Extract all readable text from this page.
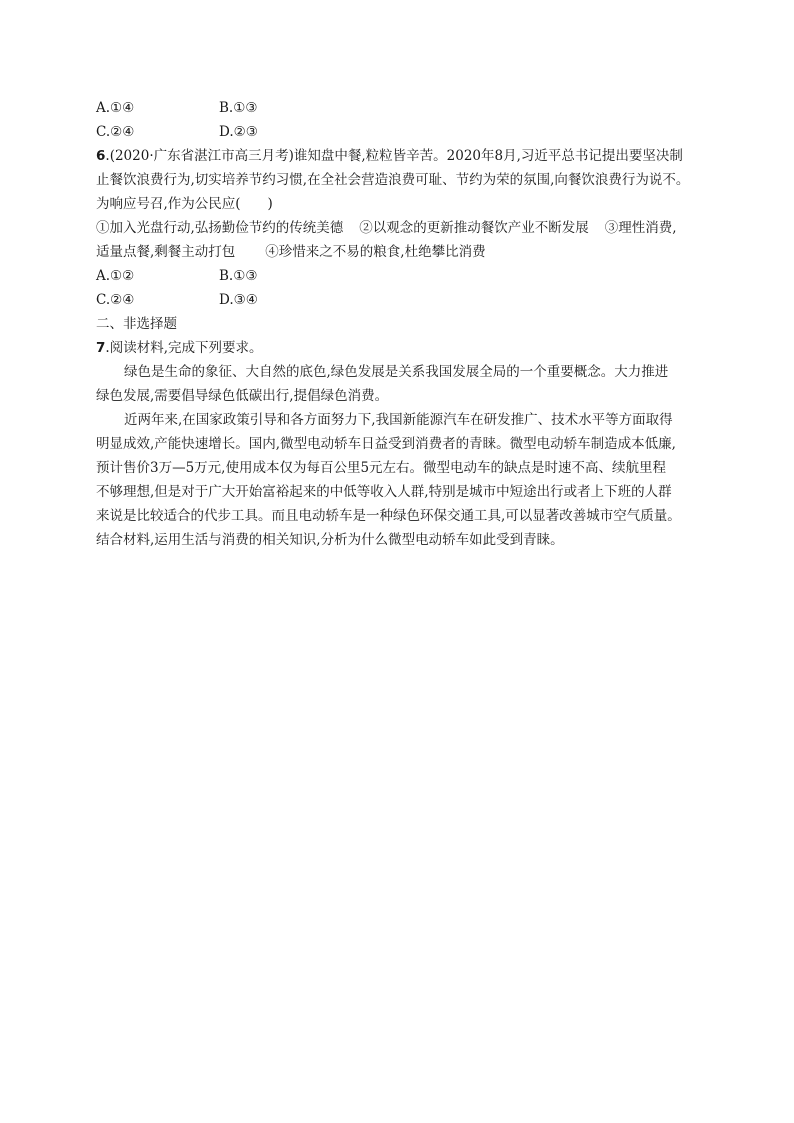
A.①④	B.①③
C.②④	D.②③
6.(2020·广东省湛江市高三月考)谁知盘中餐,粒粒皆辛苦。2020年8月,习近平总书记提出要坚决制
止餐饮浪费行为,切实培养节约习惯,在全社会营造浪费可耻、节约为荣的氛围,向餐饮浪费行为说不。
为响应号召,作为公民应(　　)
①加入光盘行动,弘扬勤俭节约的传统美德 ②以观念的更新推动餐饮产业不断发展 ③理性消费,
适量点餐,剩餐主动打包 ④珍惜来之不易的粮食,杜绝攀比消费
A.①②	B.①③
C.②④	D.③④
二、非选择题
7.阅读材料,完成下列要求。
绿色是生命的象征、大自然的底色,绿色发展是关系我国发展全局的一个重要概念。大力推进
绿色发展,需要倡导绿色低碳出行,提倡绿色消费。
近两年来,在国家政策引导和各方面努力下,我国新能源汽车在研发推广、技术水平等方面取得
明显成效,产能快速增长。国内,微型电动轿车日益受到消费者的青睐。微型电动轿车制造成本低廉,
预计售价3万—5万元,使用成本仅为每百公里5元左右。微型电动车的缺点是时速不高、续航里程
不够理想,但是对于广大开始富裕起来的中低等收入人群,特别是城市中短途出行或者上下班的人群
来说是比较适合的代步工具。而且电动轿车是一种绿色环保交通工具,可以显著改善城市空气质量。
结合材料,运用生活与消费的相关知识,分析为什么微型电动轿车如此受到青睐。
